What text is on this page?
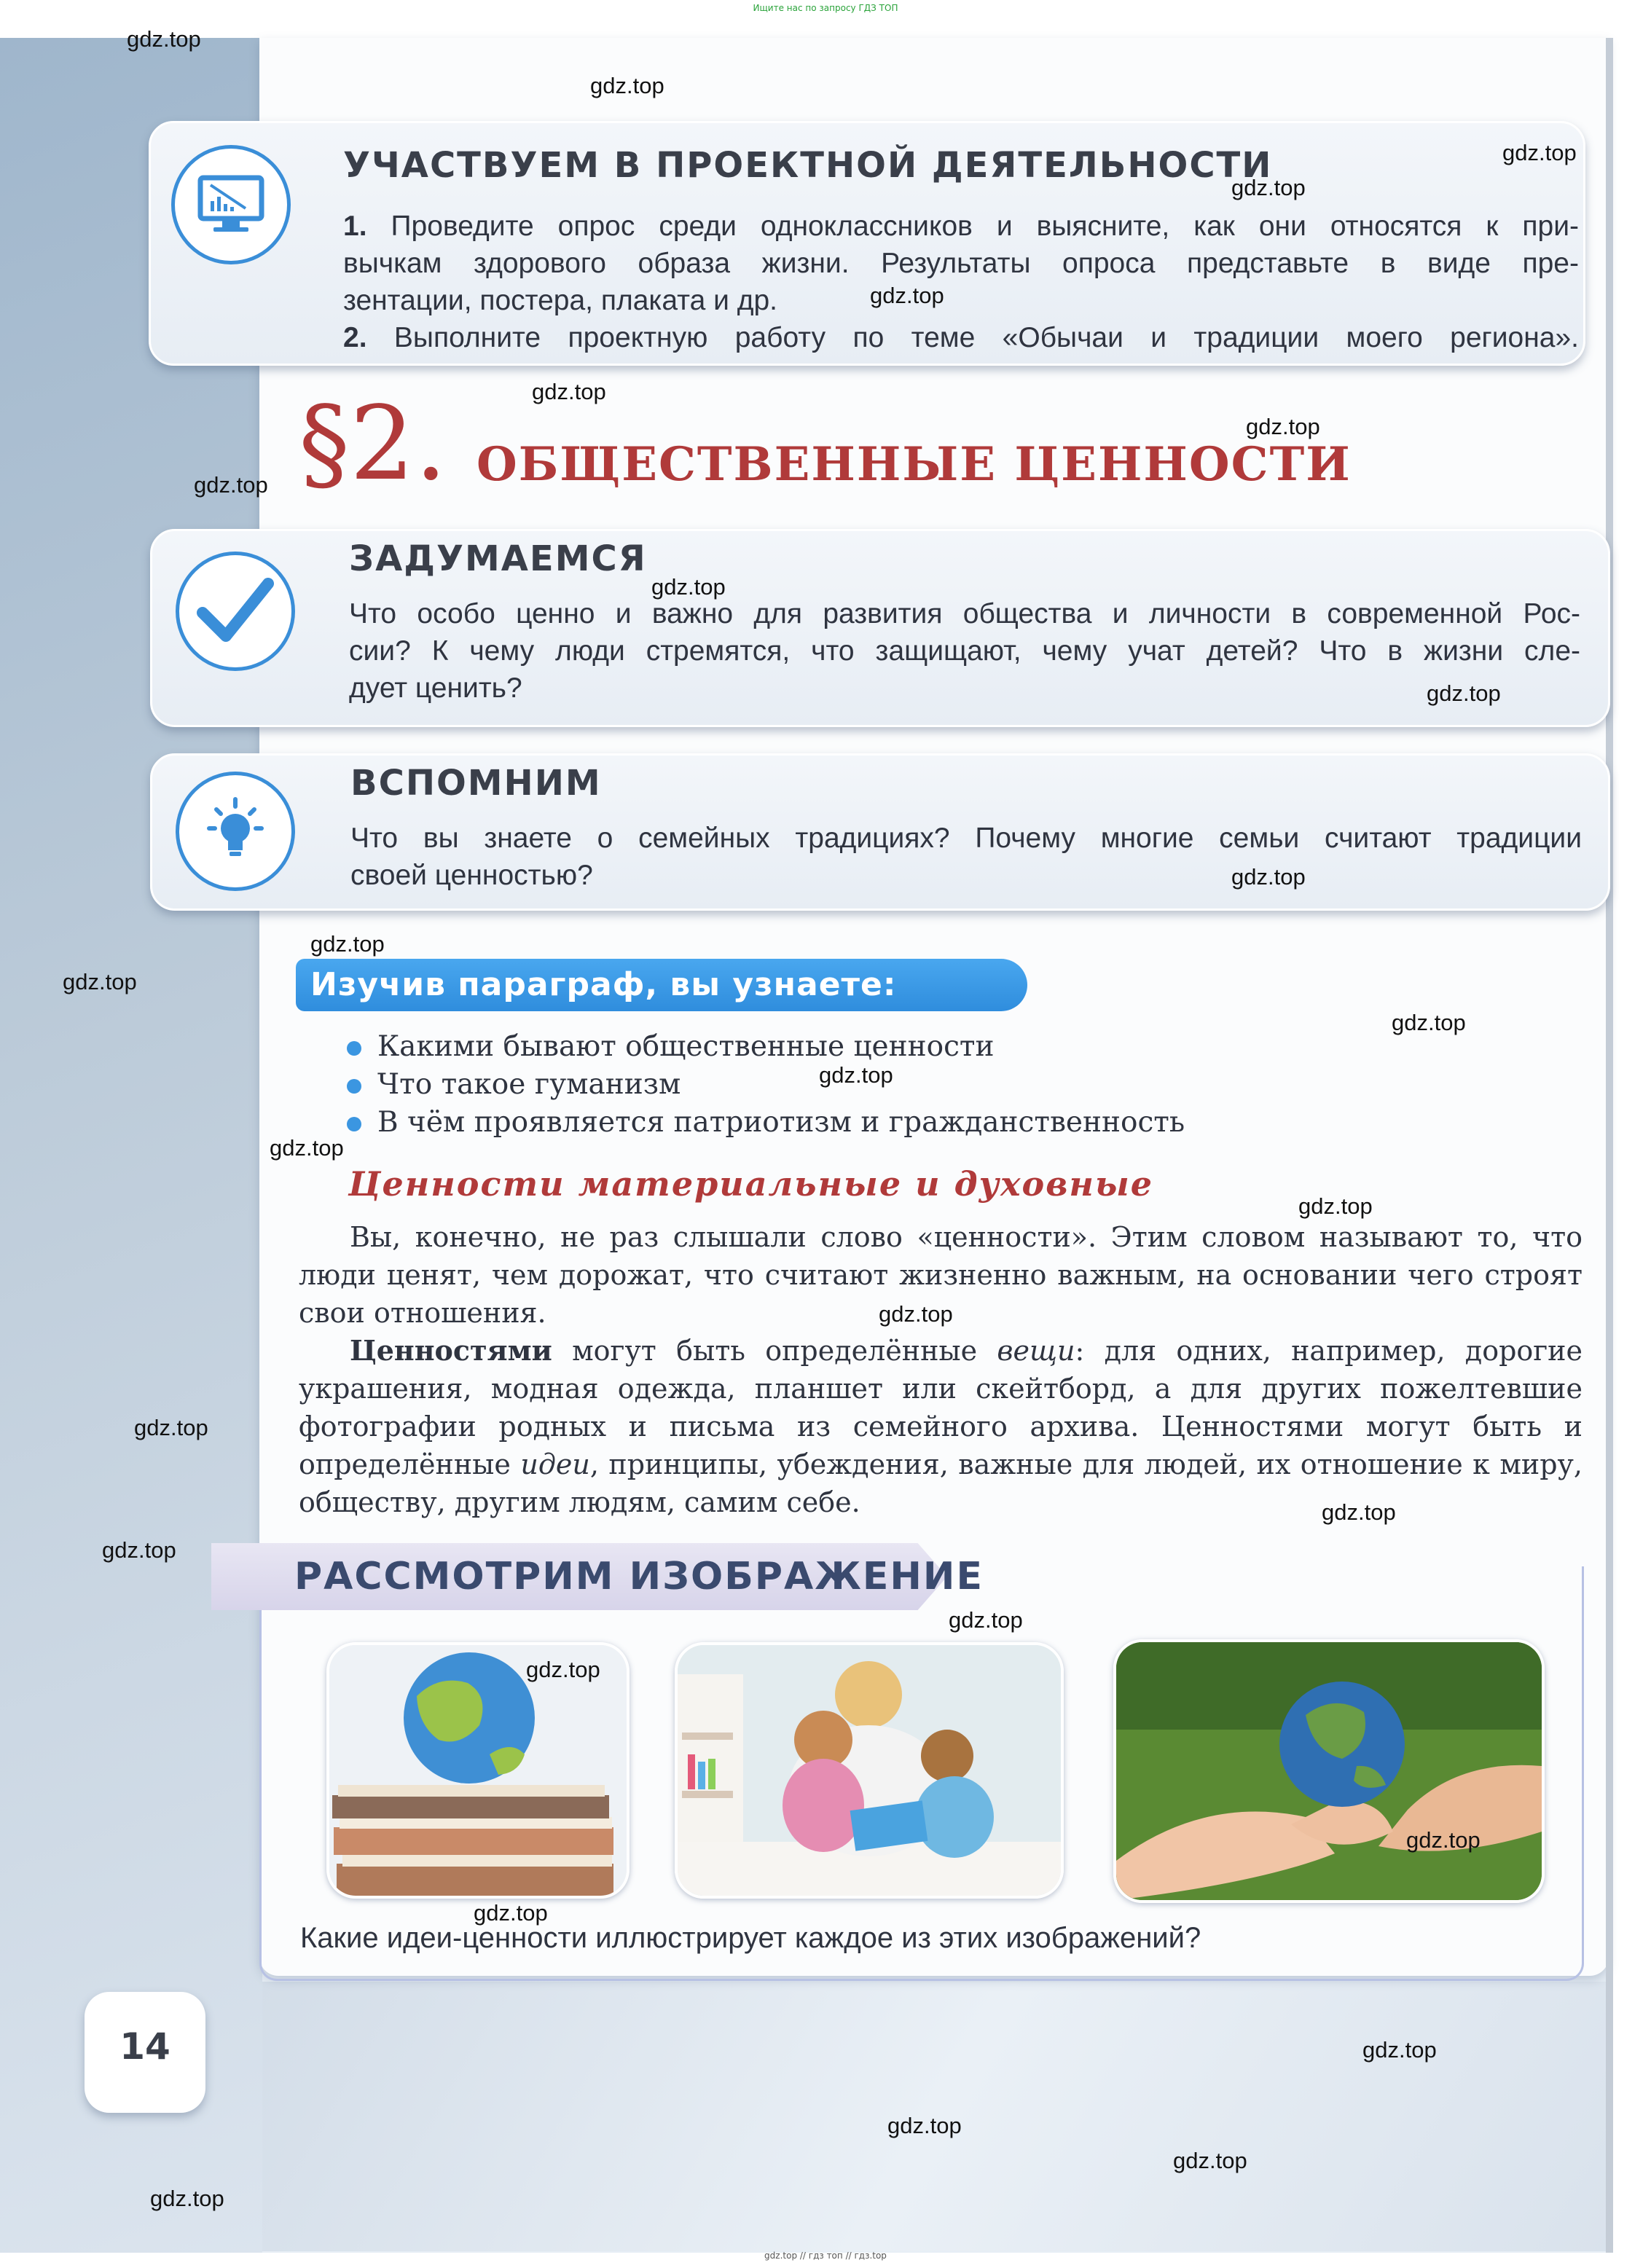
Ищите нас по запросу ГДЗ ТОП
УЧАСТВУЕМ В ПРОЕКТНОЙ ДЕЯТЕЛЬНОСТИ
1. Проведите опрос среди одноклассников и выясните, как они относятся к при-
вычкам здорового образа жизни. Результаты опроса представьте в виде пре-
зентации, постера, плаката и др.
2. Выполните проектную работу по теме «Обычаи и традиции моего региона».
§2. ОБЩЕСТВЕННЫЕ ЦЕННОСТИ
ЗАДУМАЕМСЯ
Что особо ценно и важно для развития общества и личности в современной Рос-
сии? К чему люди стремятся, что защищают, чему учат детей? Что в жизни сле-
дует ценить?
ВСПОМНИМ
Что вы знаете о семейных традициях? Почему многие семьи считают традиции
своей ценностью?
Изучив параграф, вы узнаете:
Какими бывают общественные ценности
Что такое гуманизм
В чём проявляется патриотизм и гражданственность
Ценности материальные и духовные
Вы, конечно, не раз слышали слово «ценности». Этим словом называют то, что люди ценят, чем дорожат, что считают жизненно важным, на основании чего строят свои отношения.
Ценностями могут быть определённые вещи: для одних, например, дорогие украшения, модная одежда, планшет или скейтборд, а для других пожелтевшие фотографии родных и письма из семейного архива. Ценностями могут быть и определённые идеи, принципы, убеждения, важные для людей, их отношение к миру, обществу, другим людям, самим себе.
РАССМОТРИМ ИЗОБРАЖЕНИЕ
Какие идеи-ценности иллюстрирует каждое из этих изображений?
14
gdz.top
gdz.top
gdz.top
gdz.top
gdz.top
gdz.top
gdz.top
gdz.top
gdz.top
gdz.top
gdz.top
gdz.top
gdz.top
gdz.top
gdz.top
gdz.top
gdz.top
gdz.top
gdz.top
gdz.top
gdz.top
gdz.top
gdz.top
gdz.top
gdz.top
gdz.top
gdz.top
gdz.top
gdz.top
gdz.top // гдз топ // гдз.top
